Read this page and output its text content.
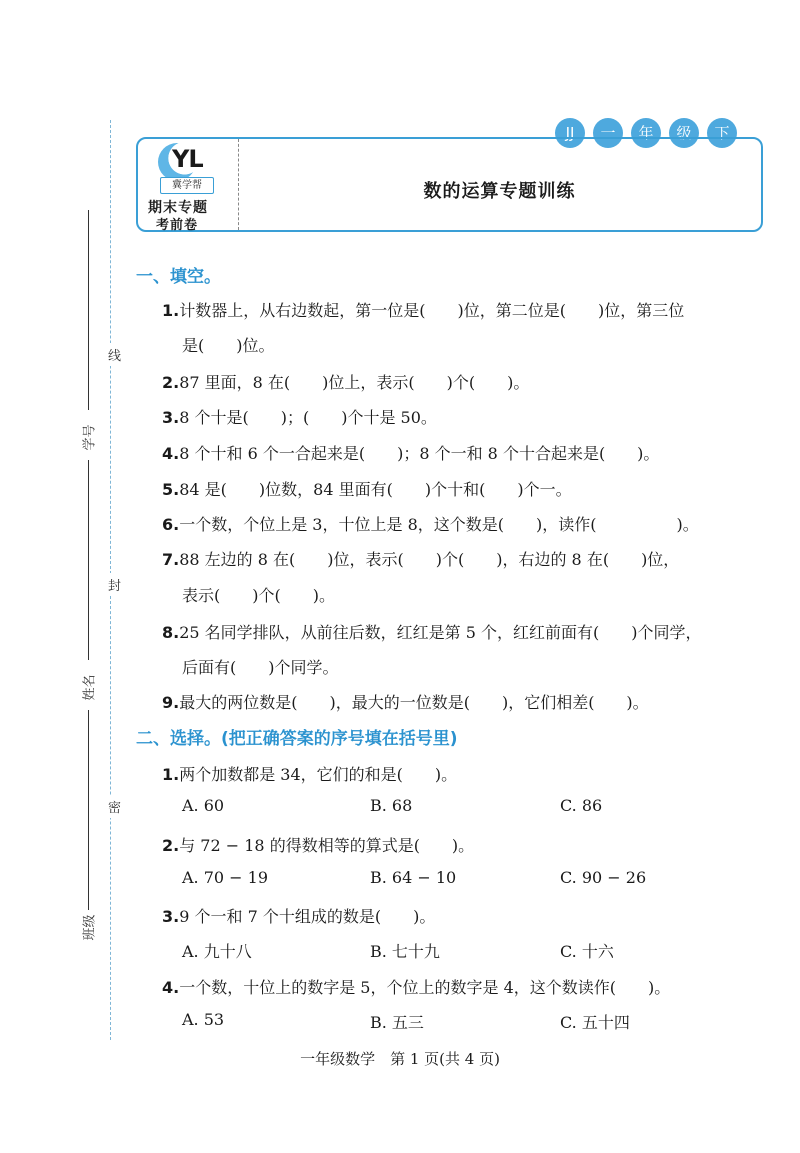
线
封
密
学号
姓名
班级
JJ	一	年	级	下
YL
冀学帮
期末专题
考前卷
数的运算专题训练
一、填空。
1.计数器上，从右边数起，第一位是(　　)位，第二位是(　　)位，第三位
是(　　)位。
2.87 里面，8 在(　　)位上，表示(　　)个(　　)。
3.8 个十是(　　)；(　　)个十是 50。
4.8 个十和 6 个一合起来是(　　)；8 个一和 8 个十合起来是(　　)。
5.84 是(　　)位数，84 里面有(　　)个十和(　　)个一。
6.一个数，个位上是 3，十位上是 8，这个数是(　　)，读作(　　　　　)。
7.88 左边的 8 在(　　)位，表示(　　)个(　　)，右边的 8 在(　　)位，
表示(　　)个(　　)。
8.25 名同学排队，从前往后数，红红是第 5 个，红红前面有(　　)个同学，
后面有(　　)个同学。
9.最大的两位数是(　　)，最大的一位数是(　　)，它们相差(　　)。
二、选择。(把正确答案的序号填在括号里)
1.两个加数都是 34，它们的和是(　　)。
A. 60	B. 68	C. 86
2.与 72 − 18 的得数相等的算式是(　　)。
A. 70 − 19	B. 64 − 10	C. 90 − 26
3.9 个一和 7 个十组成的数是(　　)。
A. 九十八	B. 七十九	C. 十六
4.一个数，十位上的数字是 5，个位上的数字是 4，这个数读作(　　)。
A. 53	B. 五三	C. 五十四
一年级数学　第 1 页(共 4 页)
